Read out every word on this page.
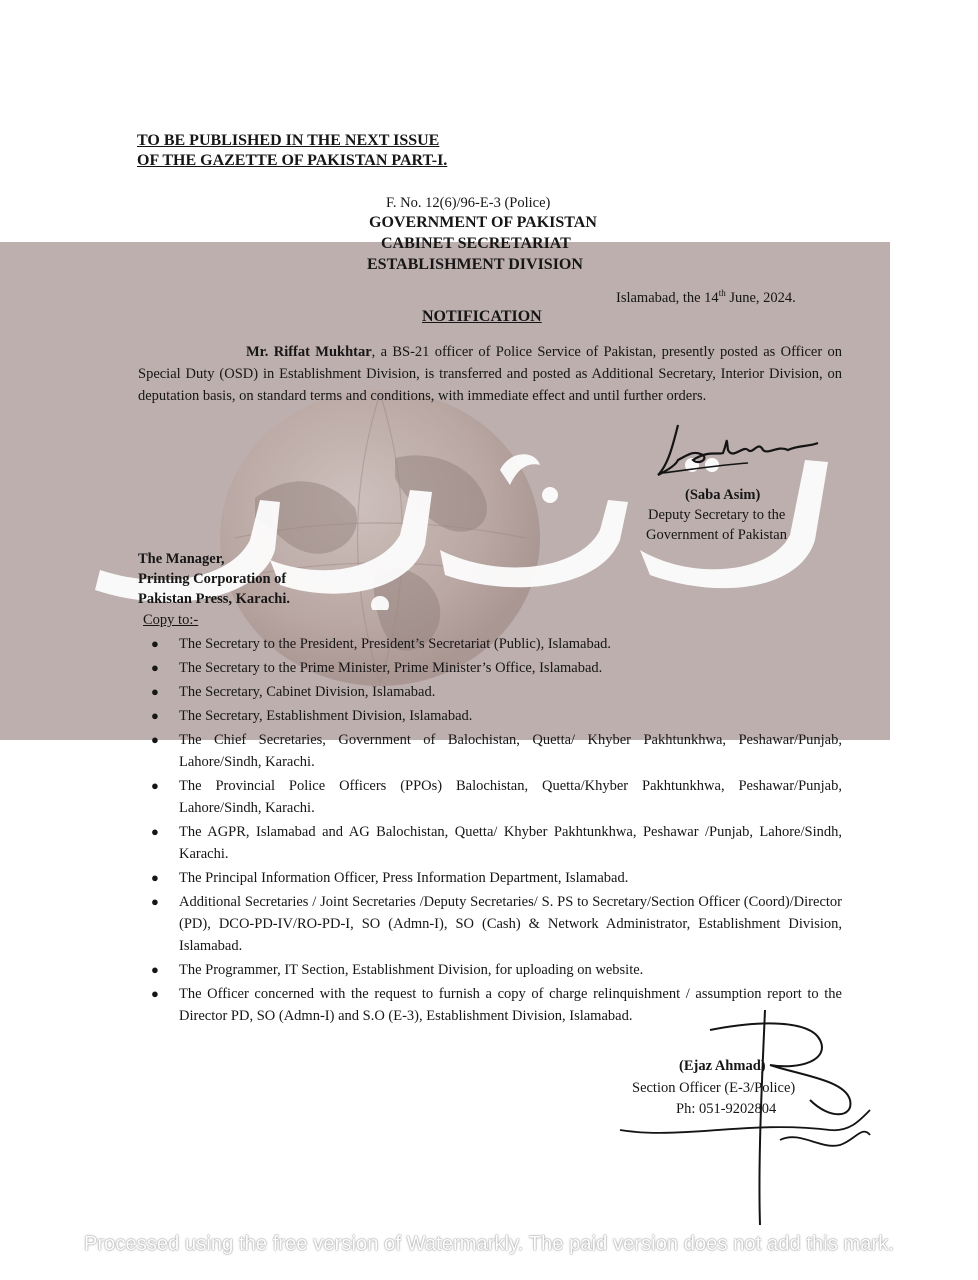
TO BE PUBLISHED IN THE NEXT ISSUE
OF THE GAZETTE OF PAKISTAN PART-I.
F. No. 12(6)/96-E-3 (Police)
GOVERNMENT OF PAKISTAN
CABINET SECRETARIAT
ESTABLISHMENT DIVISION
Islamabad, the 14th June, 2024.
NOTIFICATION
Mr. Riffat Mukhtar, a BS-21 officer of Police Service of Pakistan, presently posted as Officer on Special Duty (OSD) in Establishment Division, is transferred and posted as Additional Secretary, Interior Division, on deputation basis, on standard terms and conditions, with immediate effect and until further orders.
(Saba Asim)
Deputy Secretary to the
Government of Pakistan
The Manager,
Printing Corporation of
Pakistan Press, Karachi.
Copy to:-
● The Secretary to the President, President’s Secretariat (Public), Islamabad.
● The Secretary to the Prime Minister, Prime Minister’s Office, Islamabad.
● The Secretary, Cabinet Division, Islamabad.
● The Secretary, Establishment Division, Islamabad.
● The Chief Secretaries, Government of Balochistan, Quetta/ Khyber Pakhtunkhwa, Peshawar/Punjab, Lahore/Sindh, Karachi.
● The Provincial Police Officers (PPOs) Balochistan, Quetta/Khyber Pakhtunkhwa, Peshawar/Punjab, Lahore/Sindh, Karachi.
● The AGPR, Islamabad and AG Balochistan, Quetta/ Khyber Pakhtunkhwa, Peshawar /Punjab, Lahore/Sindh, Karachi.
● The Principal Information Officer, Press Information Department, Islamabad.
● Additional Secretaries / Joint Secretaries /Deputy Secretaries/ S. PS to Secretary/Section Officer (Coord)/Director (PD), DCO-PD-IV/RO-PD-I, SO (Admn-I), SO (Cash) & Network Administrator, Establishment Division, Islamabad.
● The Programmer, IT Section, Establishment Division, for uploading on website.
● The Officer concerned with the request to furnish a copy of charge relinquishment / assumption report to the Director PD, SO (Admn-I) and S.O (E-3), Establishment Division, Islamabad.
(Ejaz Ahmad)
Section Officer (E-3/Police)
Ph: 051-9202804
Processed using the free version of Watermarkly. The paid version does not add this mark.
